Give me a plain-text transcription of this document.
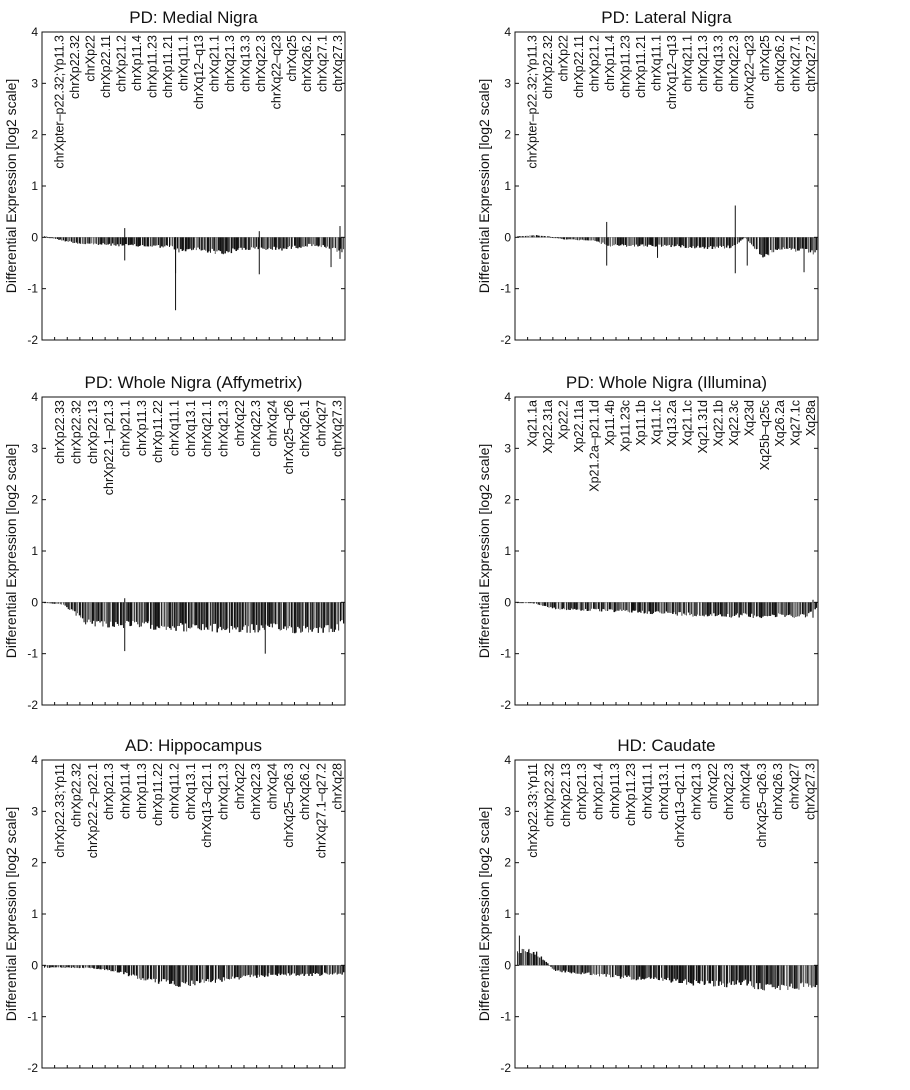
PD: Medial Nigra
Differential Expression [log2 scale]
-2
-1
0
1
2
3
4
chrXpter–p22.32;Yp11.3 chrXp22.32 chrXp22 chrXp22.11 chrXp21.2 chrXp11.4 chrXp11.23 chrXp11.21 chrXq11.1 chrXq12–q13 chrXq21.1 chrXq21.3 chrXq13.3 chrXq22.3 chrXq22–q23 chrXq25 chrXq26.2 chrXq27.1 chrXq27.3
PD: Lateral Nigra
Differential Expression [log2 scale]
-2
-1
0
1
2
3
4
chrXpter–p22.32;Yp11.3 chrXp22.32 chrXp22 chrXp22.11 chrXp21.2 chrXp11.4 chrXp11.23 chrXp11.21 chrXq11.1 chrXq12–q13 chrXq21.1 chrXq21.3 chrXq13.3 chrXq22.3 chrXq22–q23 chrXq25 chrXq26.2 chrXq27.1 chrXq27.3
PD: Whole Nigra (Affymetrix)
Differential Expression [log2 scale]
-2
-1
0
1
2
3
4
chrXp22.33 chrXp22.32 chrXp22.13 chrXp22.1–p21.3 chrXp21.1 chrXp11.3 chrXp11.22 chrXq11.1 chrXq13.1 chrXq21.1 chrXq21.3 chrXq22 chrXq22.3 chrXq24 chrXq25–q26 chrXq26.1 chrXq27 chrXq27.3
PD: Whole Nigra (Illumina)
Differential Expression [log2 scale]
-2
-1
0
1
2
3
4
Xq21.1a Xp22.31a Xp22.2 Xp22.11a Xp21.2a–p21.1d Xp11.4b Xp11.23c Xp11.1b Xq11.1c Xq13.2a Xq21.1c Xq21.31d Xq22.1b Xq22.3c Xq23d Xq25b–q25c Xq26.2a Xq27.1c Xq28a
AD: Hippocampus
Differential Expression [log2 scale]
-2
-1
0
1
2
3
4
chrXp22.33;Yp11 chrXp22.32 chrXp22.2–p22.1 chrXp21.3 chrXp11.4 chrXp11.3 chrXp11.22 chrXq11.2 chrXq13.1 chrXq13–q21.1 chrXq21.3 chrXq22 chrXq22.3 chrXq24 chrXq25–q26.3 chrXq26.2 chrXq27.1–q27.2 chrXq28
HD: Caudate
Differential Expression [log2 scale]
-2
-1
0
1
2
3
4
chrXp22.33;Yp11 chrXp22.32 chrXp22.13 chrXp21.3 chrXp21.4 chrXp11.3 chrXp11.23 chrXq11.1 chrXq13.1 chrXq13–q21.1 chrXq21.3 chrXq22 chrXq22.3 chrXq24 chrXq25–q26.3 chrXq26.3 chrXq27 chrXq27.3
